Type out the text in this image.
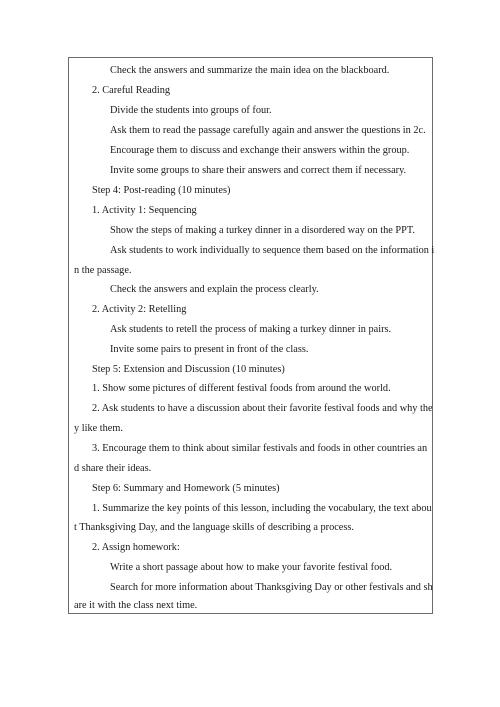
Check the answers and summarize the main idea on the blackboard.

2. Careful Reading

Divide the students into groups of four.

Ask them to read the passage carefully again and answer the questions in 2c.

Encourage them to discuss and exchange their answers within the group.

Invite some groups to share their answers and correct them if necessary.

Step 4: Post-reading (10 minutes)

1. Activity 1: Sequencing

Show the steps of making a turkey dinner in a disordered way on the PPT.

Ask students to work individually to sequence them based on the information i

n the passage.

Check the answers and explain the process clearly.

2. Activity 2: Retelling

Ask students to retell the process of making a turkey dinner in pairs.

Invite some pairs to present in front of the class.

Step 5: Extension and Discussion (10 minutes)

1. Show some pictures of different festival foods from around the world.

2. Ask students to have a discussion about their favorite festival foods and why the

y like them.

3. Encourage them to think about similar festivals and foods in other countries an

d share their ideas.

Step 6: Summary and Homework (5 minutes)

1. Summarize the key points of this lesson, including the vocabulary, the text abou

t Thanksgiving Day, and the language skills of describing a process.

2. Assign homework:

Write a short passage about how to make your favorite festival food.

Search for more information about Thanksgiving Day or other festivals and sh

are it with the class next time.
